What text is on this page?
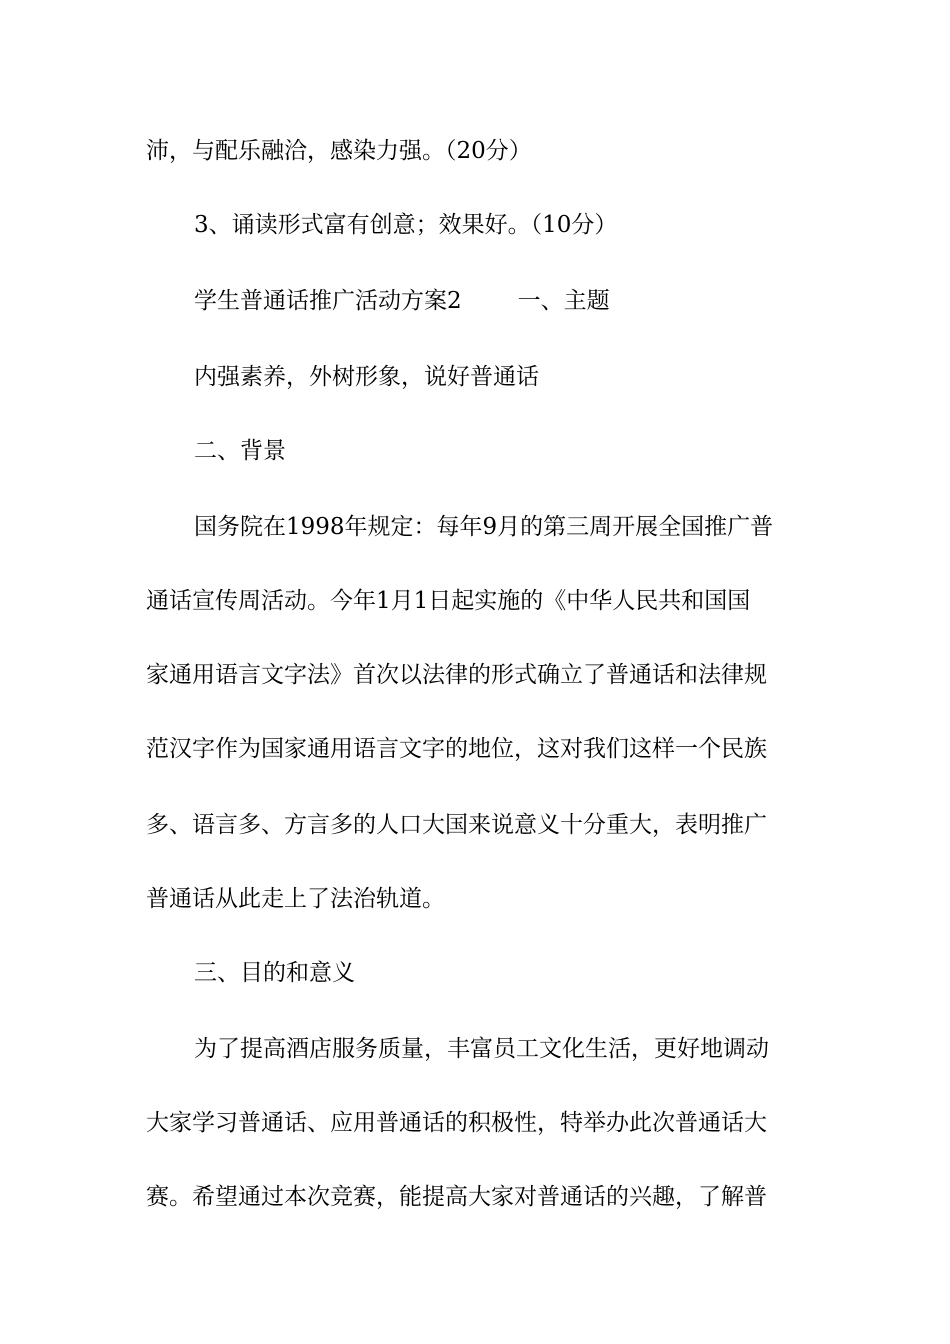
沛，与配乐融洽，感染力强。（20分）
3、诵读形式富有创意；效果好。（10分）
学生普通话推广活动方案2 一、主题
内强素养，外树形象，说好普通话
二、背景
国务院在1998年规定：每年9月的第三周开展全国推广普
通话宣传周活动。今年1月1日起实施的《中华人民共和国国
家通用语言文字法》首次以法律的形式确立了普通话和法律规
范汉字作为国家通用语言文字的地位，这对我们这样一个民族
多、语言多、方言多的人口大国来说意义十分重大，表明推广
普通话从此走上了法治轨道。
三、目的和意义
为了提高酒店服务质量，丰富员工文化生活，更好地调动
大家学习普通话、应用普通话的积极性，特举办此次普通话大
赛。希望通过本次竞赛，能提高大家对普通话的兴趣，了解普
